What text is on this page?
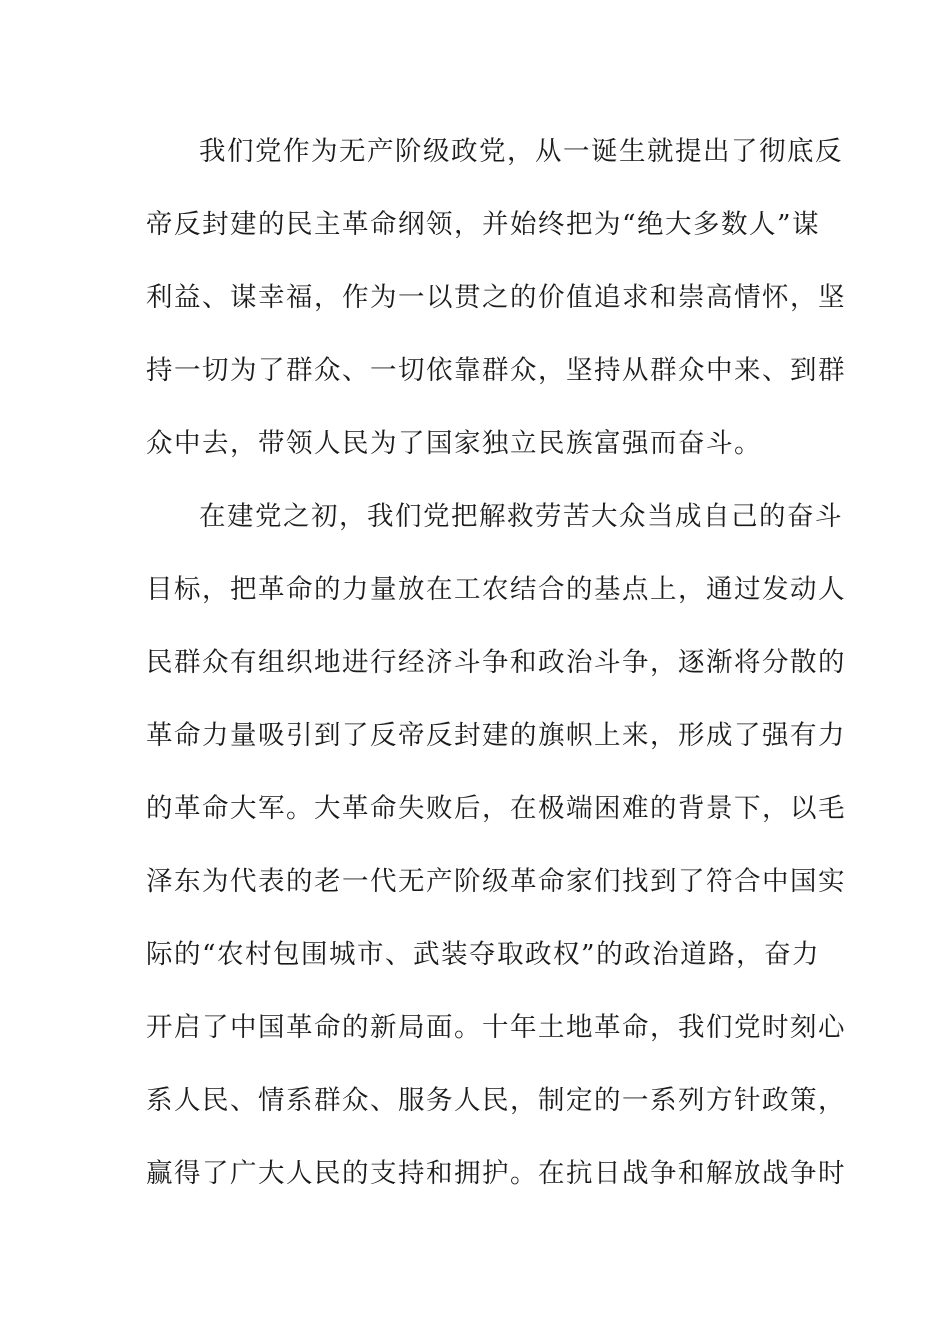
我们党作为无产阶级政党，从一诞生就提出了彻底反
帝反封建的民主革命纲领，并始终把为“绝大多数人”谋
利益、谋幸福，作为一以贯之的价值追求和崇高情怀，坚
持一切为了群众、一切依靠群众，坚持从群众中来、到群
众中去，带领人民为了国家独立民族富强而奋斗。
在建党之初，我们党把解救劳苦大众当成自己的奋斗
目标，把革命的力量放在工农结合的基点上，通过发动人
民群众有组织地进行经济斗争和政治斗争，逐渐将分散的
革命力量吸引到了反帝反封建的旗帜上来，形成了强有力
的革命大军。大革命失败后，在极端困难的背景下，以毛
泽东为代表的老一代无产阶级革命家们找到了符合中国实
际的“农村包围城市、武装夺取政权”的政治道路，奋力
开启了中国革命的新局面。十年土地革命，我们党时刻心
系人民、情系群众、服务人民，制定的一系列方针政策，
赢得了广大人民的支持和拥护。在抗日战争和解放战争时
